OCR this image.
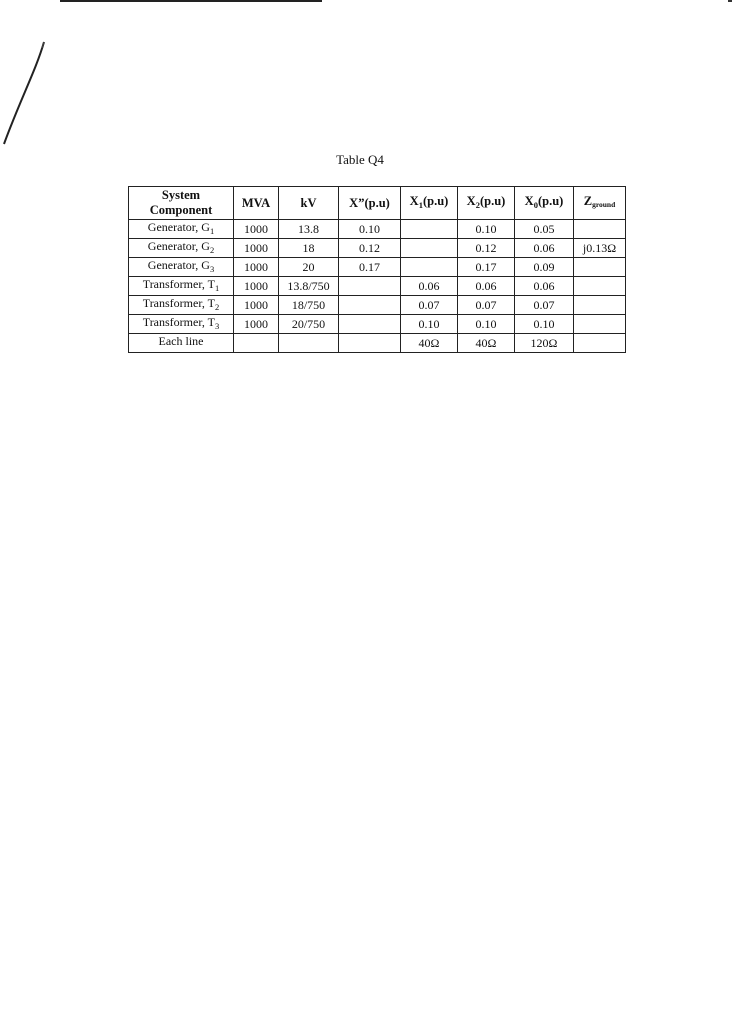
Table Q4
System
Component	MVA	kV	X”(p.u)	$X_1(p.u)$	$X_2(p.u)$	$X_0(p.u)$	Zground
Generator, $G_1$	1000	13.8	0.10		0.10	0.05	
Generator, $G_2$	1000	18	0.12		0.12	0.06	j0.13Ω
Generator, $G_3$	1000	20	0.17		0.17	0.09	
Transformer, $T_1$	1000	13.8/750		0.06	0.06	0.06	
Transformer, $T_2$	1000	18/750		0.07	0.07	0.07	
Transformer, $T_3$	1000	20/750		0.10	0.10	0.10	
Each line				40Ω	40Ω	120Ω	
